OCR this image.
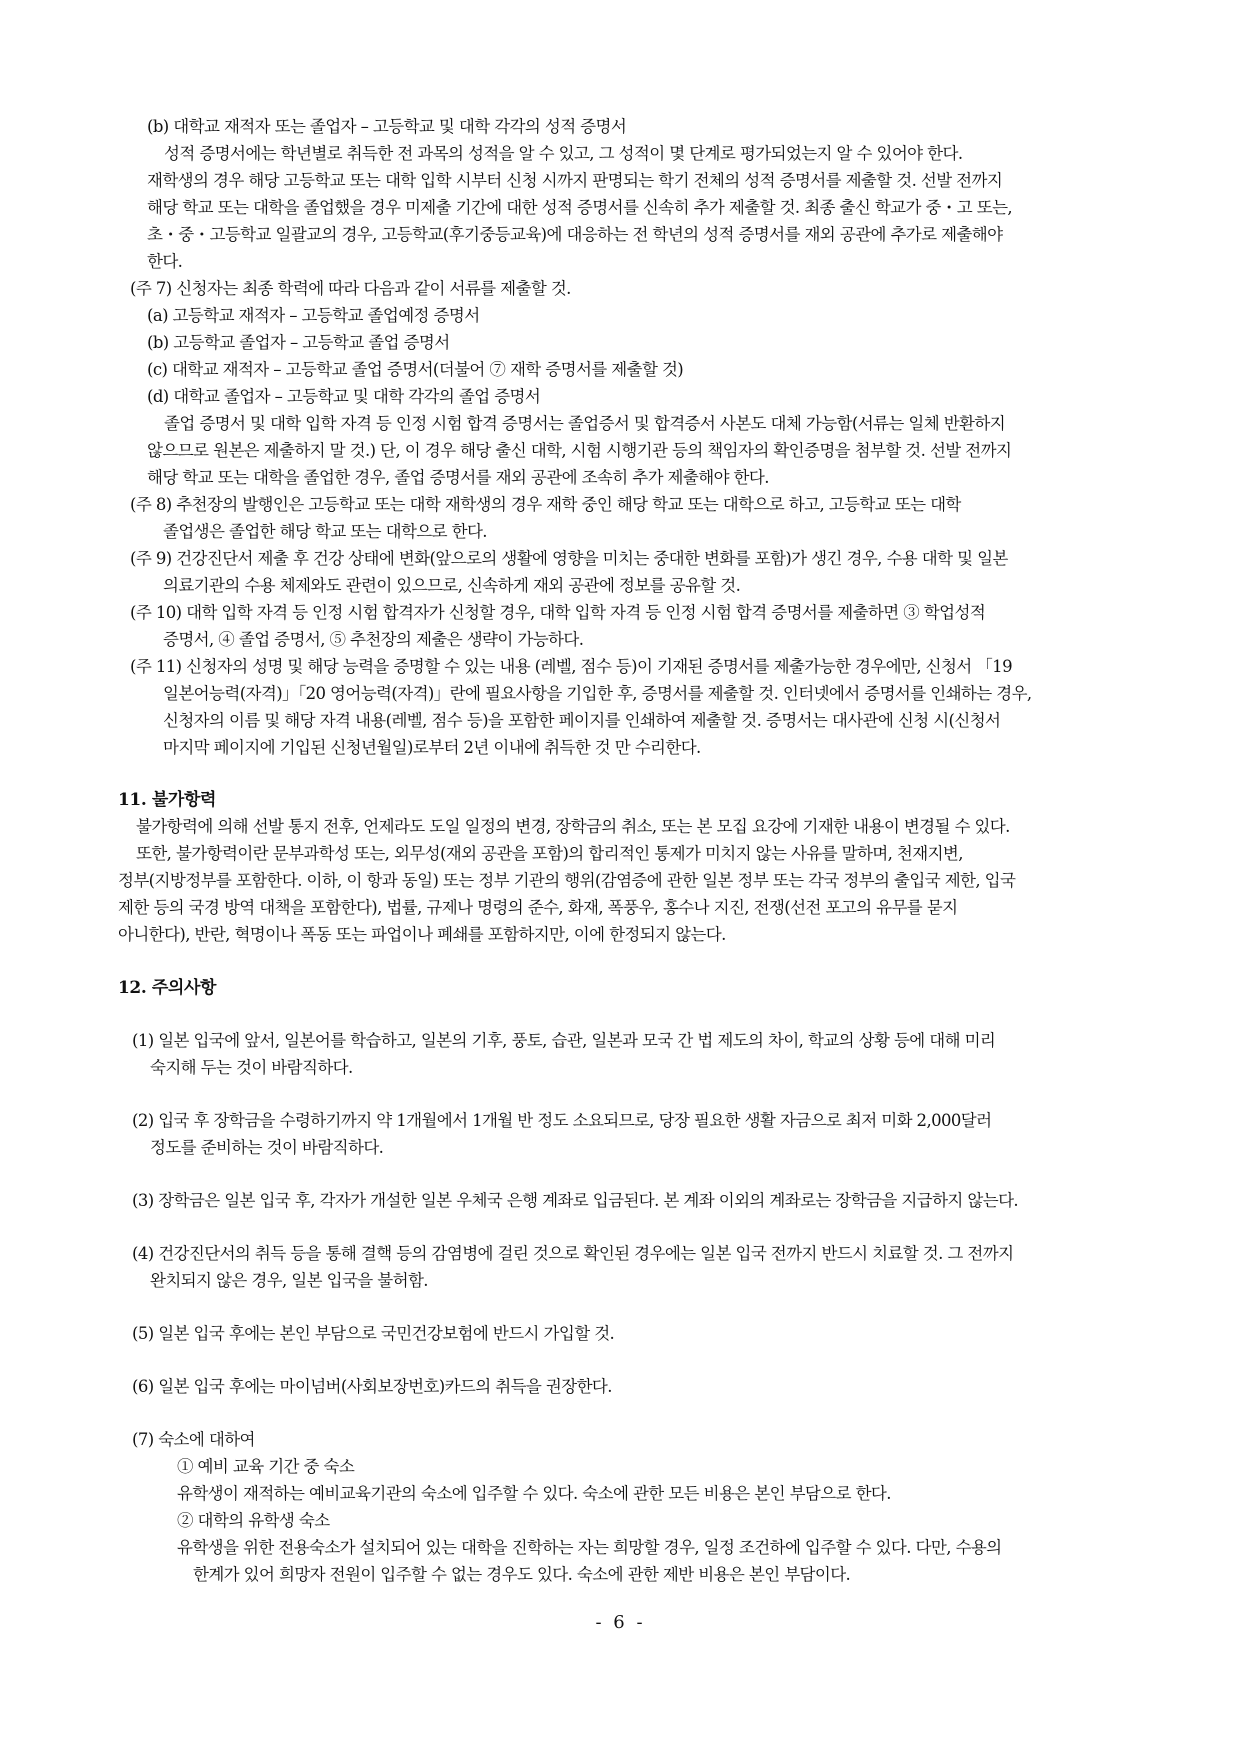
(b) 대학교 재적자 또는 졸업자 – 고등학교 및 대학 각각의 성적 증명서
성적 증명서에는 학년별로 취득한 전 과목의 성적을 알 수 있고, 그 성적이 몇 단계로 평가되었는지 알 수 있어야 한다.
재학생의 경우 해당 고등학교 또는 대학 입학 시부터 신청 시까지 판명되는 학기 전체의 성적 증명서를 제출할 것. 선발 전까지
해당 학교 또는 대학을 졸업했을 경우 미제출 기간에 대한 성적 증명서를 신속히 추가 제출할 것. 최종 출신 학교가 중・고 또는,
초・중・고등학교 일괄교의 경우, 고등학교(후기중등교육)에 대응하는 전 학년의 성적 증명서를 재외 공관에 추가로 제출해야
한다.
(주 7) 신청자는 최종 학력에 따라 다음과 같이 서류를 제출할 것.
(a) 고등학교 재적자 – 고등학교 졸업예정 증명서
(b) 고등학교 졸업자 – 고등학교 졸업 증명서
(c) 대학교 재적자 – 고등학교 졸업 증명서(더불어 ⑦ 재학 증명서를 제출할 것)
(d) 대학교 졸업자 – 고등학교 및 대학 각각의 졸업 증명서
졸업 증명서 및 대학 입학 자격 등 인정 시험 합격 증명서는 졸업증서 및 합격증서 사본도 대체 가능함(서류는 일체 반환하지
않으므로 원본은 제출하지 말 것.) 단, 이 경우 해당 출신 대학, 시험 시행기관 등의 책임자의 확인증명을 첨부할 것. 선발 전까지
해당 학교 또는 대학을 졸업한 경우, 졸업 증명서를 재외 공관에 조속히 추가 제출해야 한다.
(주 8) 추천장의 발행인은 고등학교 또는 대학 재학생의 경우 재학 중인 해당 학교 또는 대학으로 하고, 고등학교 또는 대학
졸업생은 졸업한 해당 학교 또는 대학으로 한다.
(주 9) 건강진단서 제출 후 건강 상태에 변화(앞으로의 생활에 영향을 미치는 중대한 변화를 포함)가 생긴 경우, 수용 대학 및 일본
의료기관의 수용 체제와도 관련이 있으므로, 신속하게 재외 공관에 정보를 공유할 것.
(주 10) 대학 입학 자격 등 인정 시험 합격자가 신청할 경우, 대학 입학 자격 등 인정 시험 합격 증명서를 제출하면 ③ 학업성적
증명서, ④ 졸업 증명서, ⑤ 추천장의 제출은 생략이 가능하다.
(주 11) 신청자의 성명 및 해당 능력을 증명할 수 있는 내용 (레벨, 점수 등)이 기재된 증명서를 제출가능한 경우에만, 신청서 「19
일본어능력(자격)」「20 영어능력(자격)」란에 필요사항을 기입한 후, 증명서를 제출할 것. 인터넷에서 증명서를 인쇄하는 경우,
신청자의 이름 및 해당 자격 내용(레벨, 점수 등)을 포함한 페이지를 인쇄하여 제출할 것. 증명서는 대사관에 신청 시(신청서
마지막 페이지에 기입된 신청년월일)로부터 2년 이내에 취득한 것 만 수리한다.
11. 불가항력
불가항력에 의해 선발 통지 전후, 언제라도 도일 일정의 변경, 장학금의 취소, 또는 본 모집 요강에 기재한 내용이 변경될 수 있다.
또한, 불가항력이란 문부과학성 또는, 외무성(재외 공관을 포함)의 합리적인 통제가 미치지 않는 사유를 말하며, 천재지변,
정부(지방정부를 포함한다. 이하, 이 항과 동일) 또는 정부 기관의 행위(감염증에 관한 일본 정부 또는 각국 정부의 출입국 제한, 입국
제한 등의 국경 방역 대책을 포함한다), 법률, 규제나 명령의 준수, 화재, 폭풍우, 홍수나 지진, 전쟁(선전 포고의 유무를 묻지
아니한다), 반란, 혁명이나 폭동 또는 파업이나 폐쇄를 포함하지만, 이에 한정되지 않는다.
12. 주의사항
(1) 일본 입국에 앞서, 일본어를 학습하고, 일본의 기후, 풍토, 습관, 일본과 모국 간 법 제도의 차이, 학교의 상황 등에 대해 미리
숙지해 두는 것이 바람직하다.
(2) 입국 후 장학금을 수령하기까지 약 1개월에서 1개월 반 정도 소요되므로, 당장 필요한 생활 자금으로 최저 미화 2,000달러
정도를 준비하는 것이 바람직하다.
(3) 장학금은 일본 입국 후, 각자가 개설한 일본 우체국 은행 계좌로 입금된다. 본 계좌 이외의 계좌로는 장학금을 지급하지 않는다.
(4) 건강진단서의 취득 등을 통해 결핵 등의 감염병에 걸린 것으로 확인된 경우에는 일본 입국 전까지 반드시 치료할 것. 그 전까지
완치되지 않은 경우, 일본 입국을 불허함.
(5) 일본 입국 후에는 본인 부담으로 국민건강보험에 반드시 가입할 것.
(6) 일본 입국 후에는 마이넘버(사회보장번호)카드의 취득을 권장한다.
(7) 숙소에 대하여
① 예비 교육 기간 중 숙소
유학생이 재적하는 예비교육기관의 숙소에 입주할 수 있다. 숙소에 관한 모든 비용은 본인 부담으로 한다.
② 대학의 유학생 숙소
유학생을 위한 전용숙소가 설치되어 있는 대학을 진학하는 자는 희망할 경우, 일정 조건하에 입주할 수 있다. 다만, 수용의
한계가 있어 희망자 전원이 입주할 수 없는 경우도 있다. 숙소에 관한 제반 비용은 본인 부담이다.
- 6 -
